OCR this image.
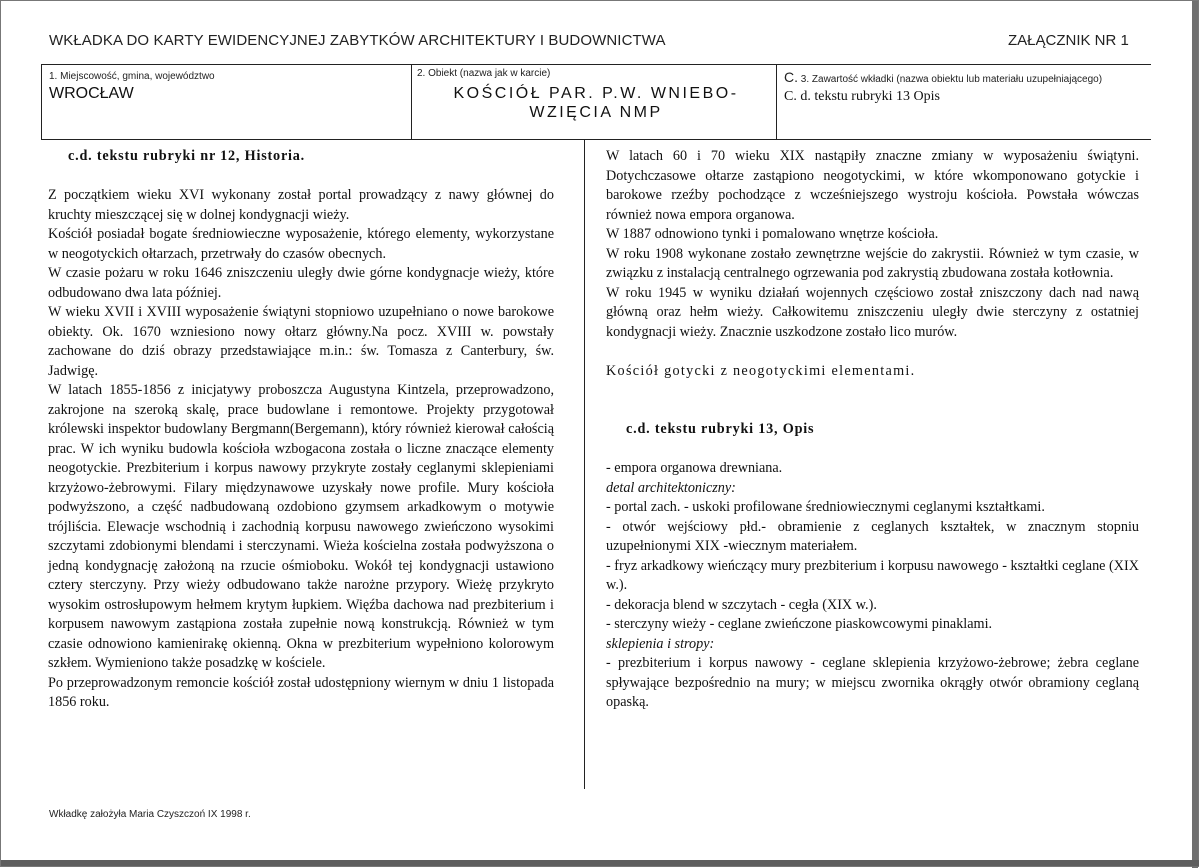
WKŁADKA DO KARTY EWIDENCYJNEJ ZABYTKÓW ARCHITEKTURY I BUDOWNICTWA	ZAŁĄCZNIK NR 1
1. Miejscowość, gmina, województwo
WROCŁAW
2. Obiekt (nazwa jak w karcie)
KOŚCIÓŁ PAR. P.W. WNIEBO-
WZIĘCIA NMP
C. 3. Zawartość wkładki (nazwa obiektu lub materiału uzupełniającego)
C. d. tekstu rubryki 13 Opis

c.d. tekstu rubryki nr 12, Historia.

Z początkiem wieku XVI wykonany został portal prowadzący z nawy głównej do kruchty mieszczącej się w dolnej kondygnacji wieży.

Kościół posiadał bogate średniowieczne wyposażenie, którego elementy, wykorzystane w neogotyckich ołtarzach, przetrwały do czasów obecnych.

W czasie pożaru w roku 1646 zniszczeniu uległy dwie górne kondygnacje wieży, które odbudowano dwa lata później.

W wieku XVII i XVIII wyposażenie świątyni stopniowo uzupełniano o nowe barokowe obiekty. Ok. 1670 wzniesiono nowy ołtarz główny.Na pocz. XVIII w. powstały zachowane do dziś obrazy przedstawiające m.in.: św. Tomasza z Canterbury, św. Jadwigę.

W latach 1855-1856 z inicjatywy proboszcza Augustyna Kintzela, przeprowadzono, zakrojone na szeroką skalę, prace budowlane i remontowe. Projekty przygotował królewski inspektor budowlany Bergmann(Bergemann), który również kierował całością prac. W ich wyniku budowla kościoła wzbogacona została o liczne znaczące elementy neogotyckie. Prezbiterium i korpus nawowy przykryte zostały ceglanymi sklepieniami krzyżowo-żebrowymi. Filary międzynawowe uzyskały nowe profile. Mury kościoła podwyższono, a część nadbudowaną ozdobiono gzymsem arkadkowym o motywie trójliścia. Elewacje wschodnią i zachodnią korpusu nawowego zwieńczono wysokimi szczytami zdobionymi blendami i sterczynami. Wieża kościelna została podwyższona o jedną kondygnację założoną na rzucie ośmioboku. Wokół tej kondygnacji ustawiono cztery sterczyny. Przy wieży odbudowano także narożne przypory. Wieżę przykryto wysokim ostrosłupowym hełmem krytym łupkiem. Więźba dachowa nad prezbiterium i korpusem nawowym zastąpiona została zupełnie nową konstrukcją. Również w tym czasie odnowiono kamienirakę okienną. Okna w prezbiterium wypełniono kolorowym szkłem. Wymieniono także posadzkę w kościele.

Po przeprowadzonym remoncie kościół został udostępniony wiernym w dniu 1 listopada 1856 roku.

W latach 60 i 70 wieku XIX nastąpiły znaczne zmiany w wyposażeniu świątyni. Dotychczasowe ołtarze zastąpiono neogotyckimi, w które wkomponowano gotyckie i barokowe rzeźby pochodzące z wcześniejszego wystroju kościoła. Powstała wówczas również nowa empora organowa.

W 1887 odnowiono tynki i pomalowano wnętrze kościoła.

W roku 1908 wykonane zostało zewnętrzne wejście do zakrystii. Również w tym czasie, w związku z instalacją centralnego ogrzewania pod zakrystią zbudowana została kotłownia.

W roku 1945 w wyniku działań wojennych częściowo został zniszczony dach nad nawą główną oraz hełm wieży. Całkowitemu zniszczeniu uległy dwie sterczyny z ostatniej kondygnacji wieży. Znacznie uszkodzone zostało lico murów.

Kościół gotycki z neogotyckimi elementami.

c.d. tekstu rubryki 13, Opis

- empora organowa drewniana.

detal architektoniczny:

- portal zach. - uskoki profilowane średniowiecznymi ceglanymi kształtkami.

- otwór wejściowy płd.- obramienie z ceglanych kształtek, w znacznym stopniu uzupełnionymi XIX -wiecznym materiałem.

- fryz arkadkowy wieńczący mury prezbiterium i korpusu nawowego - kształtki ceglane (XIX w.).

- dekoracja blend w szczytach - cegła (XIX w.).

- sterczyny wieży - ceglane zwieńczone piaskowcowymi pinaklami.

sklepienia i stropy:

- prezbiterium i korpus nawowy - ceglane sklepienia krzyżowo-żebrowe; żebra ceglane spływające bezpośrednio na mury; w miejscu zwornika okrągły otwór obramiony ceglaną opaską.

Wkładkę założyła Maria Czyszczoń IX 1998 r.
